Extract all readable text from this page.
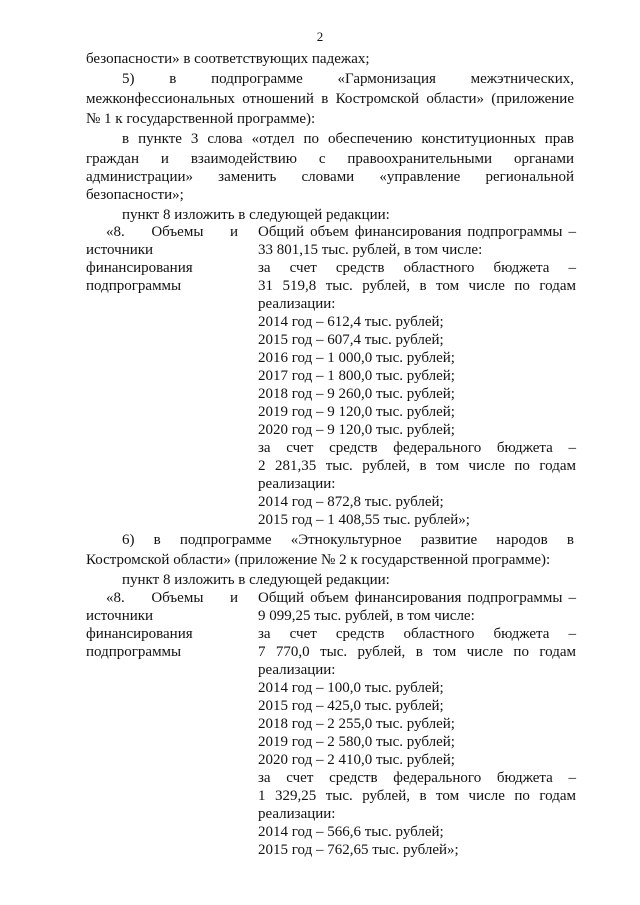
2
безопасности» в соответствующих падежах;
5) в подпрограмме «Гармонизация межэтнических,
межконфессиональных отношений в Костромской области» (приложение
№ 1 к государственной программе):
в пункте 3 слова «отдел по обеспечению конституционных прав
граждан и взаимодействию с правоохранительными органами
администрации» заменить словами «управление региональной
безопасности»;
пункт 8 изложить в следующей редакции:
«8. Объемы и
источники
финансирования
подпрограммы
Общий объем финансирования подпрограммы –
33 801,15 тыс. рублей, в том числе:
за счет средств областного бюджета –
31 519,8 тыс. рублей, в том числе по годам
реализации:
2014 год – 612,4 тыс. рублей;
2015 год – 607,4 тыс. рублей;
2016 год – 1 000,0 тыс. рублей;
2017 год – 1 800,0 тыс. рублей;
2018 год – 9 260,0 тыс. рублей;
2019 год – 9 120,0 тыс. рублей;
2020 год – 9 120,0 тыс. рублей;
за счет средств федерального бюджета –
2 281,35 тыс. рублей, в том числе по годам
реализации:
2014 год – 872,8 тыс. рублей;
2015 год – 1 408,55 тыс. рублей»;
6) в подпрограмме «Этнокультурное развитие народов в
Костромской области» (приложение № 2 к государственной программе):
пункт 8 изложить в следующей редакции:
«8. Объемы и
источники
финансирования
подпрограммы
Общий объем финансирования подпрограммы –
9 099,25 тыс. рублей, в том числе:
за счет средств областного бюджета –
7 770,0 тыс. рублей, в том числе по годам
реализации:
2014 год – 100,0 тыс. рублей;
2015 год – 425,0 тыс. рублей;
2018 год – 2 255,0 тыс. рублей;
2019 год – 2 580,0 тыс. рублей;
2020 год – 2 410,0 тыс. рублей;
за счет средств федерального бюджета –
1 329,25 тыс. рублей, в том числе по годам
реализации:
2014 год – 566,6 тыс. рублей;
2015 год – 762,65 тыс. рублей»;
